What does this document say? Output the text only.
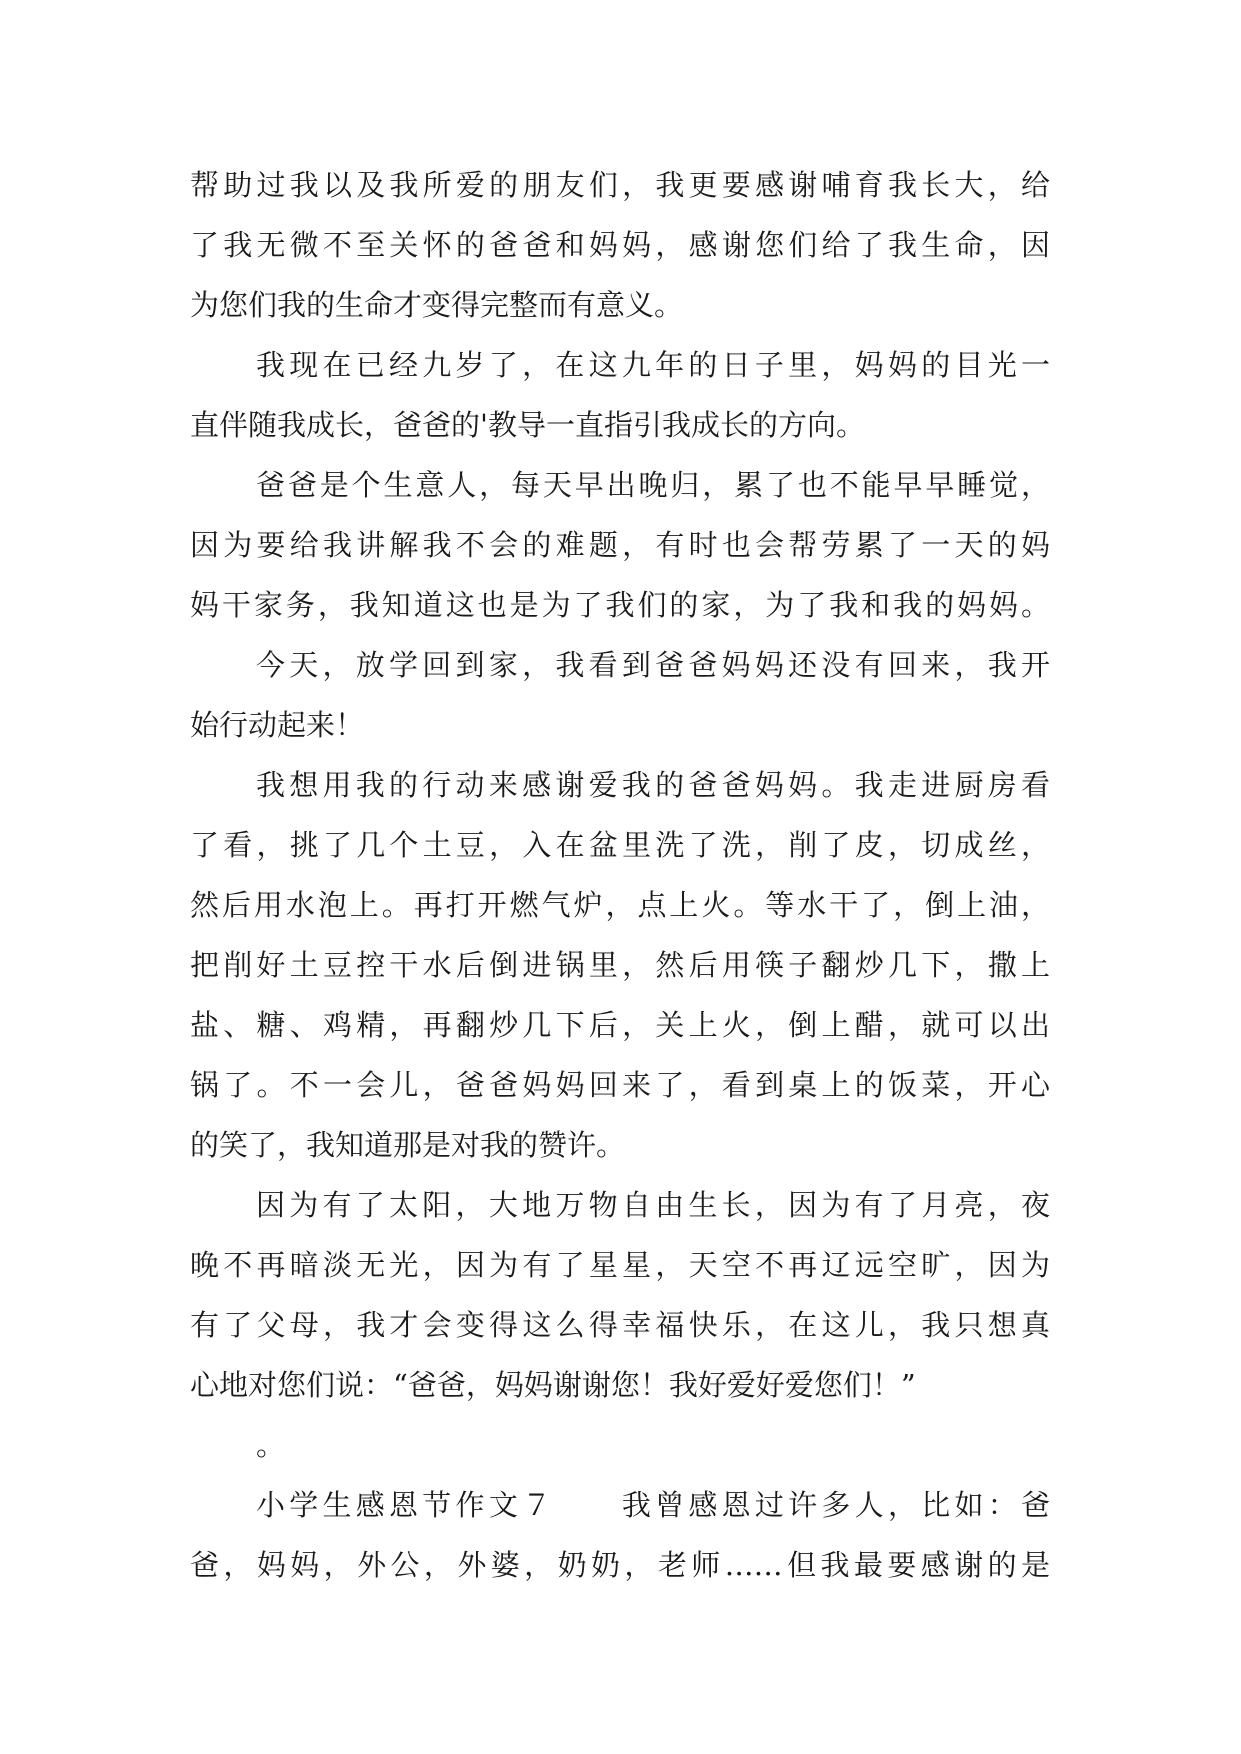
帮助过我以及我所爱的朋友们，我更要感谢哺育我长大，给
了我无微不至关怀的爸爸和妈妈，感谢您们给了我生命，因
为您们我的生命才变得完整而有意义。
我现在已经九岁了，在这九年的日子里，妈妈的目光一
直伴随我成长，爸爸的'教导一直指引我成长的方向。
爸爸是个生意人，每天早出晚归，累了也不能早早睡觉，
因为要给我讲解我不会的难题，有时也会帮劳累了一天的妈
妈干家务，我知道这也是为了我们的家，为了我和我的妈妈。
今天，放学回到家，我看到爸爸妈妈还没有回来，我开
始行动起来！
我想用我的行动来感谢爱我的爸爸妈妈。我走进厨房看
了看，挑了几个土豆，入在盆里洗了洗，削了皮，切成丝，
然后用水泡上。再打开燃气炉，点上火。等水干了，倒上油，
把削好土豆控干水后倒进锅里，然后用筷子翻炒几下，撒上
盐、糖、鸡精，再翻炒几下后，关上火，倒上醋，就可以出
锅了。不一会儿，爸爸妈妈回来了，看到桌上的饭菜，开心
的笑了，我知道那是对我的赞许。
因为有了太阳，大地万物自由生长，因为有了月亮，夜
晚不再暗淡无光，因为有了星星，天空不再辽远空旷，因为
有了父母，我才会变得这么得幸福快乐，在这儿，我只想真
心地对您们说：“爸爸，妈妈谢谢您！我好爱好爱您们！”
。
小学生感恩节作文７　　我曾感恩过许多人，比如：爸
爸，妈妈，外公，外婆，奶奶，老师……但我最要感谢的是
